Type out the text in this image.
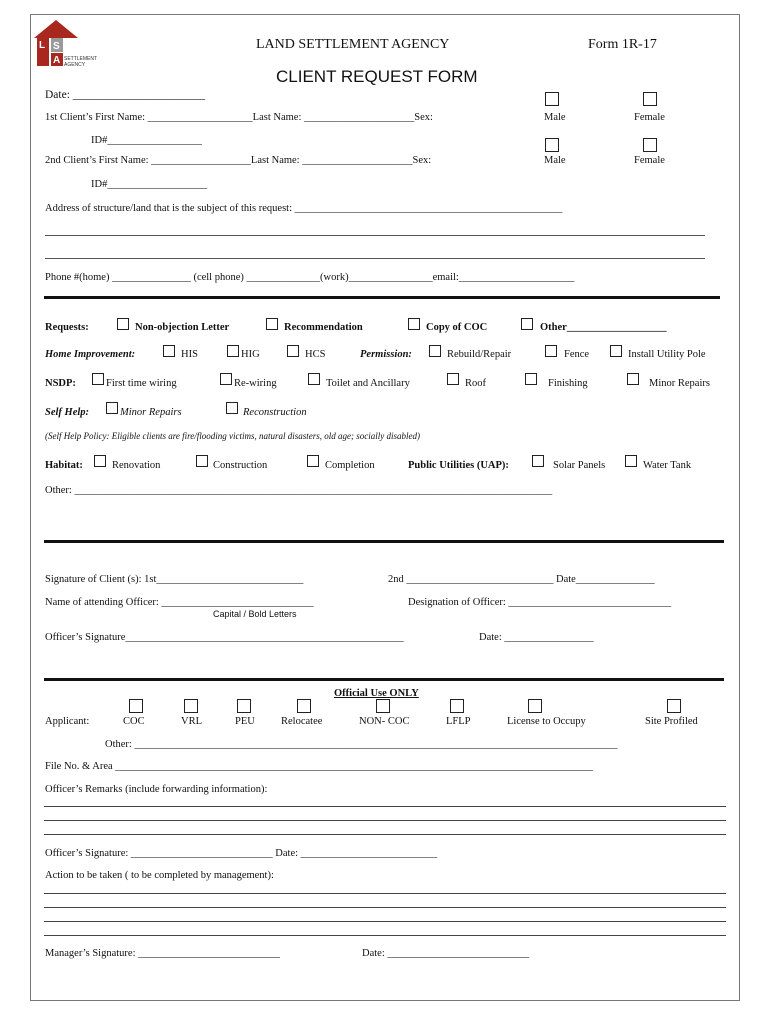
L S
A SETTLEMENT
AGENCY
LAND SETTLEMENT AGENCY	Form 1R-17
CLIENT REQUEST FORM
Date: _______________________
1st Client’s First Name: ____________________Last Name: _____________________Sex:	Male	Female
ID#__________________
2nd Client’s First Name: ___________________Last Name: _____________________Sex:	Male	Female
ID#___________________
Address of structure/land that is the subject of this request: ___________________________________________________
Phone #(home) _______________ (cell phone) ______________(work)________________email:______________________
Requests:	Non-objection Letter	Recommendation	Copy of COC	Other___________________
Home Improvement:	HIS	HIG	HCS	Permission:	Rebuild/Repair	Fence	Install Utility Pole
NSDP:	First time wiring	Re-wiring	Toilet and Ancillary	Roof	Finishing	Minor Repairs
Self Help:	Minor Repairs	Reconstruction
(Self Help Policy: Eligible clients are fire/flooding victims, natural disasters, old age; socially disabled)
Habitat:	Renovation	Construction	Completion	Public Utilities (UAP):	Solar Panels	Water Tank
Other: ___________________________________________________________________________________________
Signature of Client (s): 1st____________________________	2nd ____________________________ Date_______________
Name of attending Officer: _____________________________	Designation of Officer: _______________________________
Capital / Bold Letters
Officer’s Signature_____________________________________________________	Date: _________________
Official Use ONLY
Applicant:	COC	VRL	PEU Relocatee	NON- COC	LFLP	License to Occupy	Site Profiled
Other: ____________________________________________________________________________________________
File No. & Area ___________________________________________________________________________________________
Officer’s Remarks (include forwarding information):
Officer’s Signature: ___________________________ Date: __________________________
Action to be taken ( to be completed by management):
Manager’s Signature: ___________________________	Date: ___________________________
